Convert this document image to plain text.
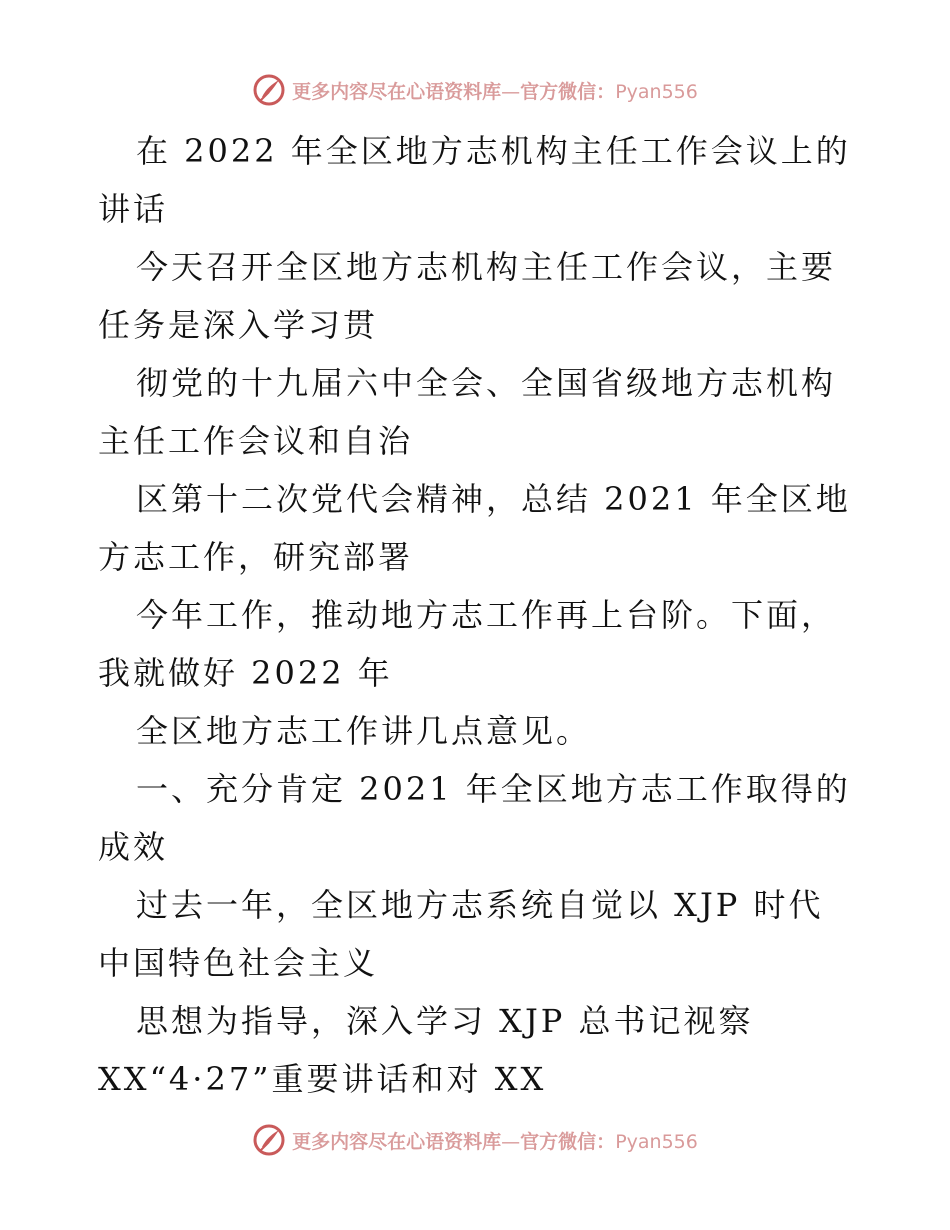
更多内容尽在心语资料库—官方微信：Pyan556

在 2022 年全区地方志机构主任工作会议上的讲话

今天召开全区地方志机构主任工作会议，主要任务是深入学习贯

彻党的十九届六中全会、全国省级地方志机构主任工作会议和自治

区第十二次党代会精神，总结 2021 年全区地方志工作，研究部署

今年工作，推动地方志工作再上台阶。下面，我就做好 2022 年

全区地方志工作讲几点意见。

一、充分肯定 2021 年全区地方志工作取得的成效

过去一年，全区地方志系统自觉以 XJP 时代中国特色社会主义

思想为指导，深入学习 XJP 总书记视察

XX“4·27”重要讲话和对 XX

更多内容尽在心语资料库—官方微信：Pyan556
